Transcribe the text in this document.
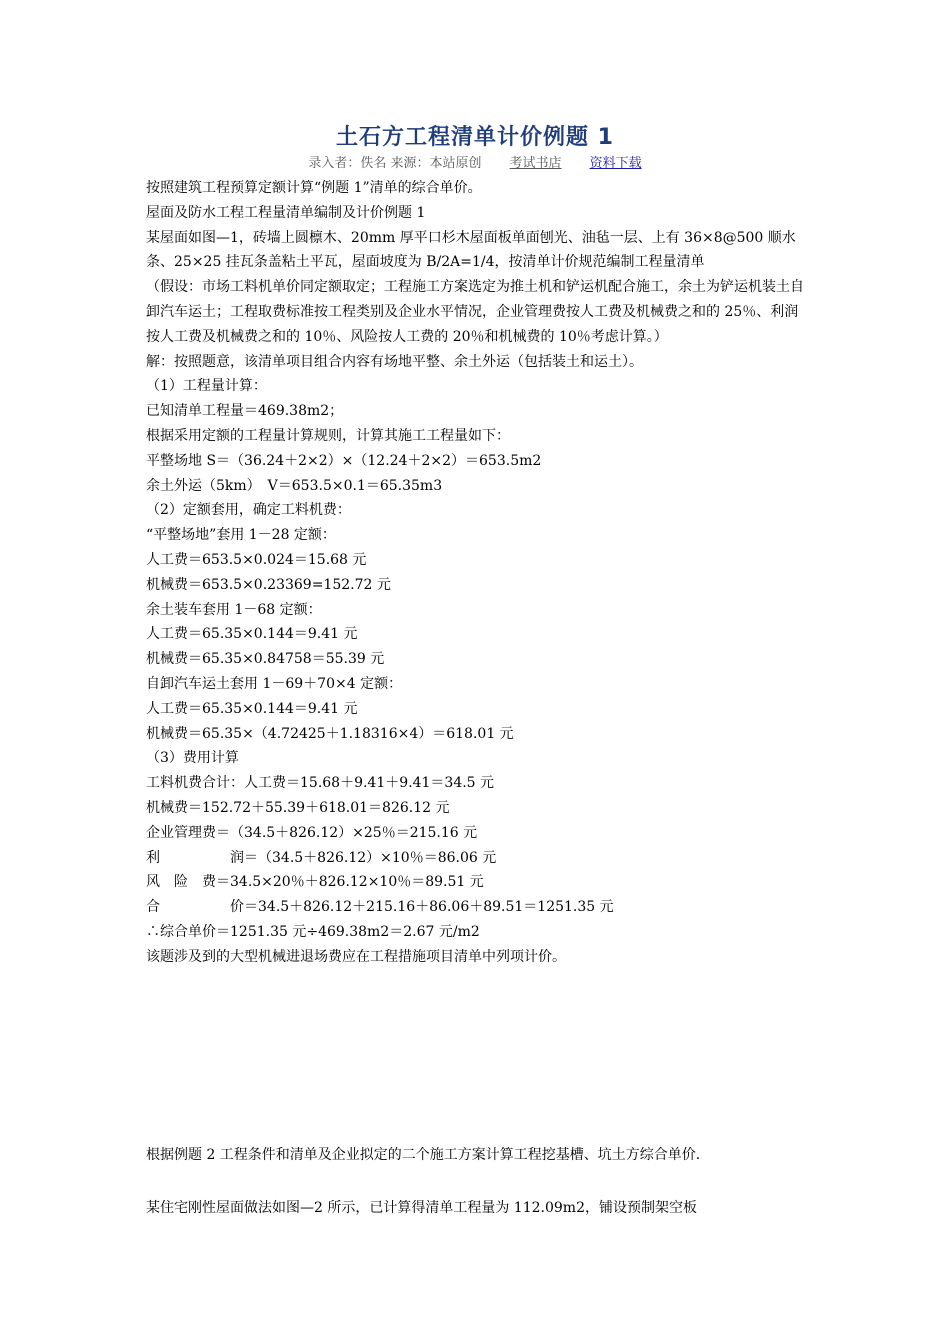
土石方工程清单计价例题 1
录入者：佚名 来源：本站原创 考试书店 资料下载

按照建筑工程预算定额计算“例题 1”清单的综合单价。

屋面及防水工程工程量清单编制及计价例题 1

某屋面如图—1，砖墙上圆檩木、20mm 厚平口杉木屋面板单面刨光、油毡一层、上有 36×8@500 顺水条、25×25 挂瓦条盖粘土平瓦，屋面坡度为 B/2A=1/4，按清单计价规范编制工程量清单

（假设：市场工料机单价同定额取定；工程施工方案选定为推土机和铲运机配合施工，余土为铲运机装土自卸汽车运土；工程取费标准按工程类别及企业水平情况，企业管理费按人工费及机械费之和的 25％、利润按人工费及机械费之和的 10％、风险按人工费的 20％和机械费的 10％考虑计算。）

解：按照题意，该清单项目组合内容有场地平整、余土外运（包括装土和运土）。

（1）工程量计算：

已知清单工程量＝469.38m2；

根据采用定额的工程量计算规则，计算其施工工程量如下：

平整场地 S＝（36.24＋2×2）×（12.24＋2×2）＝653.5m2

余土外运（5km）　V＝653.5×0.1＝65.35m3

（2）定额套用，确定工料机费：

“平整场地”套用 1－28 定额：

人工费＝653.5×0.024＝15.68 元

机械费＝653.5×0.23369=152.72 元

余土装车套用 1－68 定额：

人工费＝65.35×0.144＝9.41 元

机械费＝65.35×0.84758＝55.39 元

自卸汽车运土套用 1－69＋70×4 定额：

人工费＝65.35×0.144＝9.41 元

机械费＝65.35×（4.72425＋1.18316×4）＝618.01 元

（3）费用计算

工料机费合计：人工费＝15.68＋9.41＋9.41＝34.5 元

机械费＝152.72＋55.39＋618.01＝826.12 元

企业管理费＝（34.5＋826.12）×25％＝215.16 元

利　　　　　润＝（34.5＋826.12）×10％＝86.06 元

风　险　费＝34.5×20％＋826.12×10％＝89.51 元

合　　　　　价＝34.5＋826.12＋215.16＋86.06＋89.51＝1251.35 元

∴综合单价＝1251.35 元÷469.38m2＝2.67 元/m2

该题涉及到的大型机械进退场费应在工程措施项目清单中列项计价。

根据例题 2 工程条件和清单及企业拟定的二个施工方案计算工程挖基槽、坑土方综合单价.
某住宅刚性屋面做法如图—2 所示，已计算得清单工程量为 112.09m2，铺设预制架空板
